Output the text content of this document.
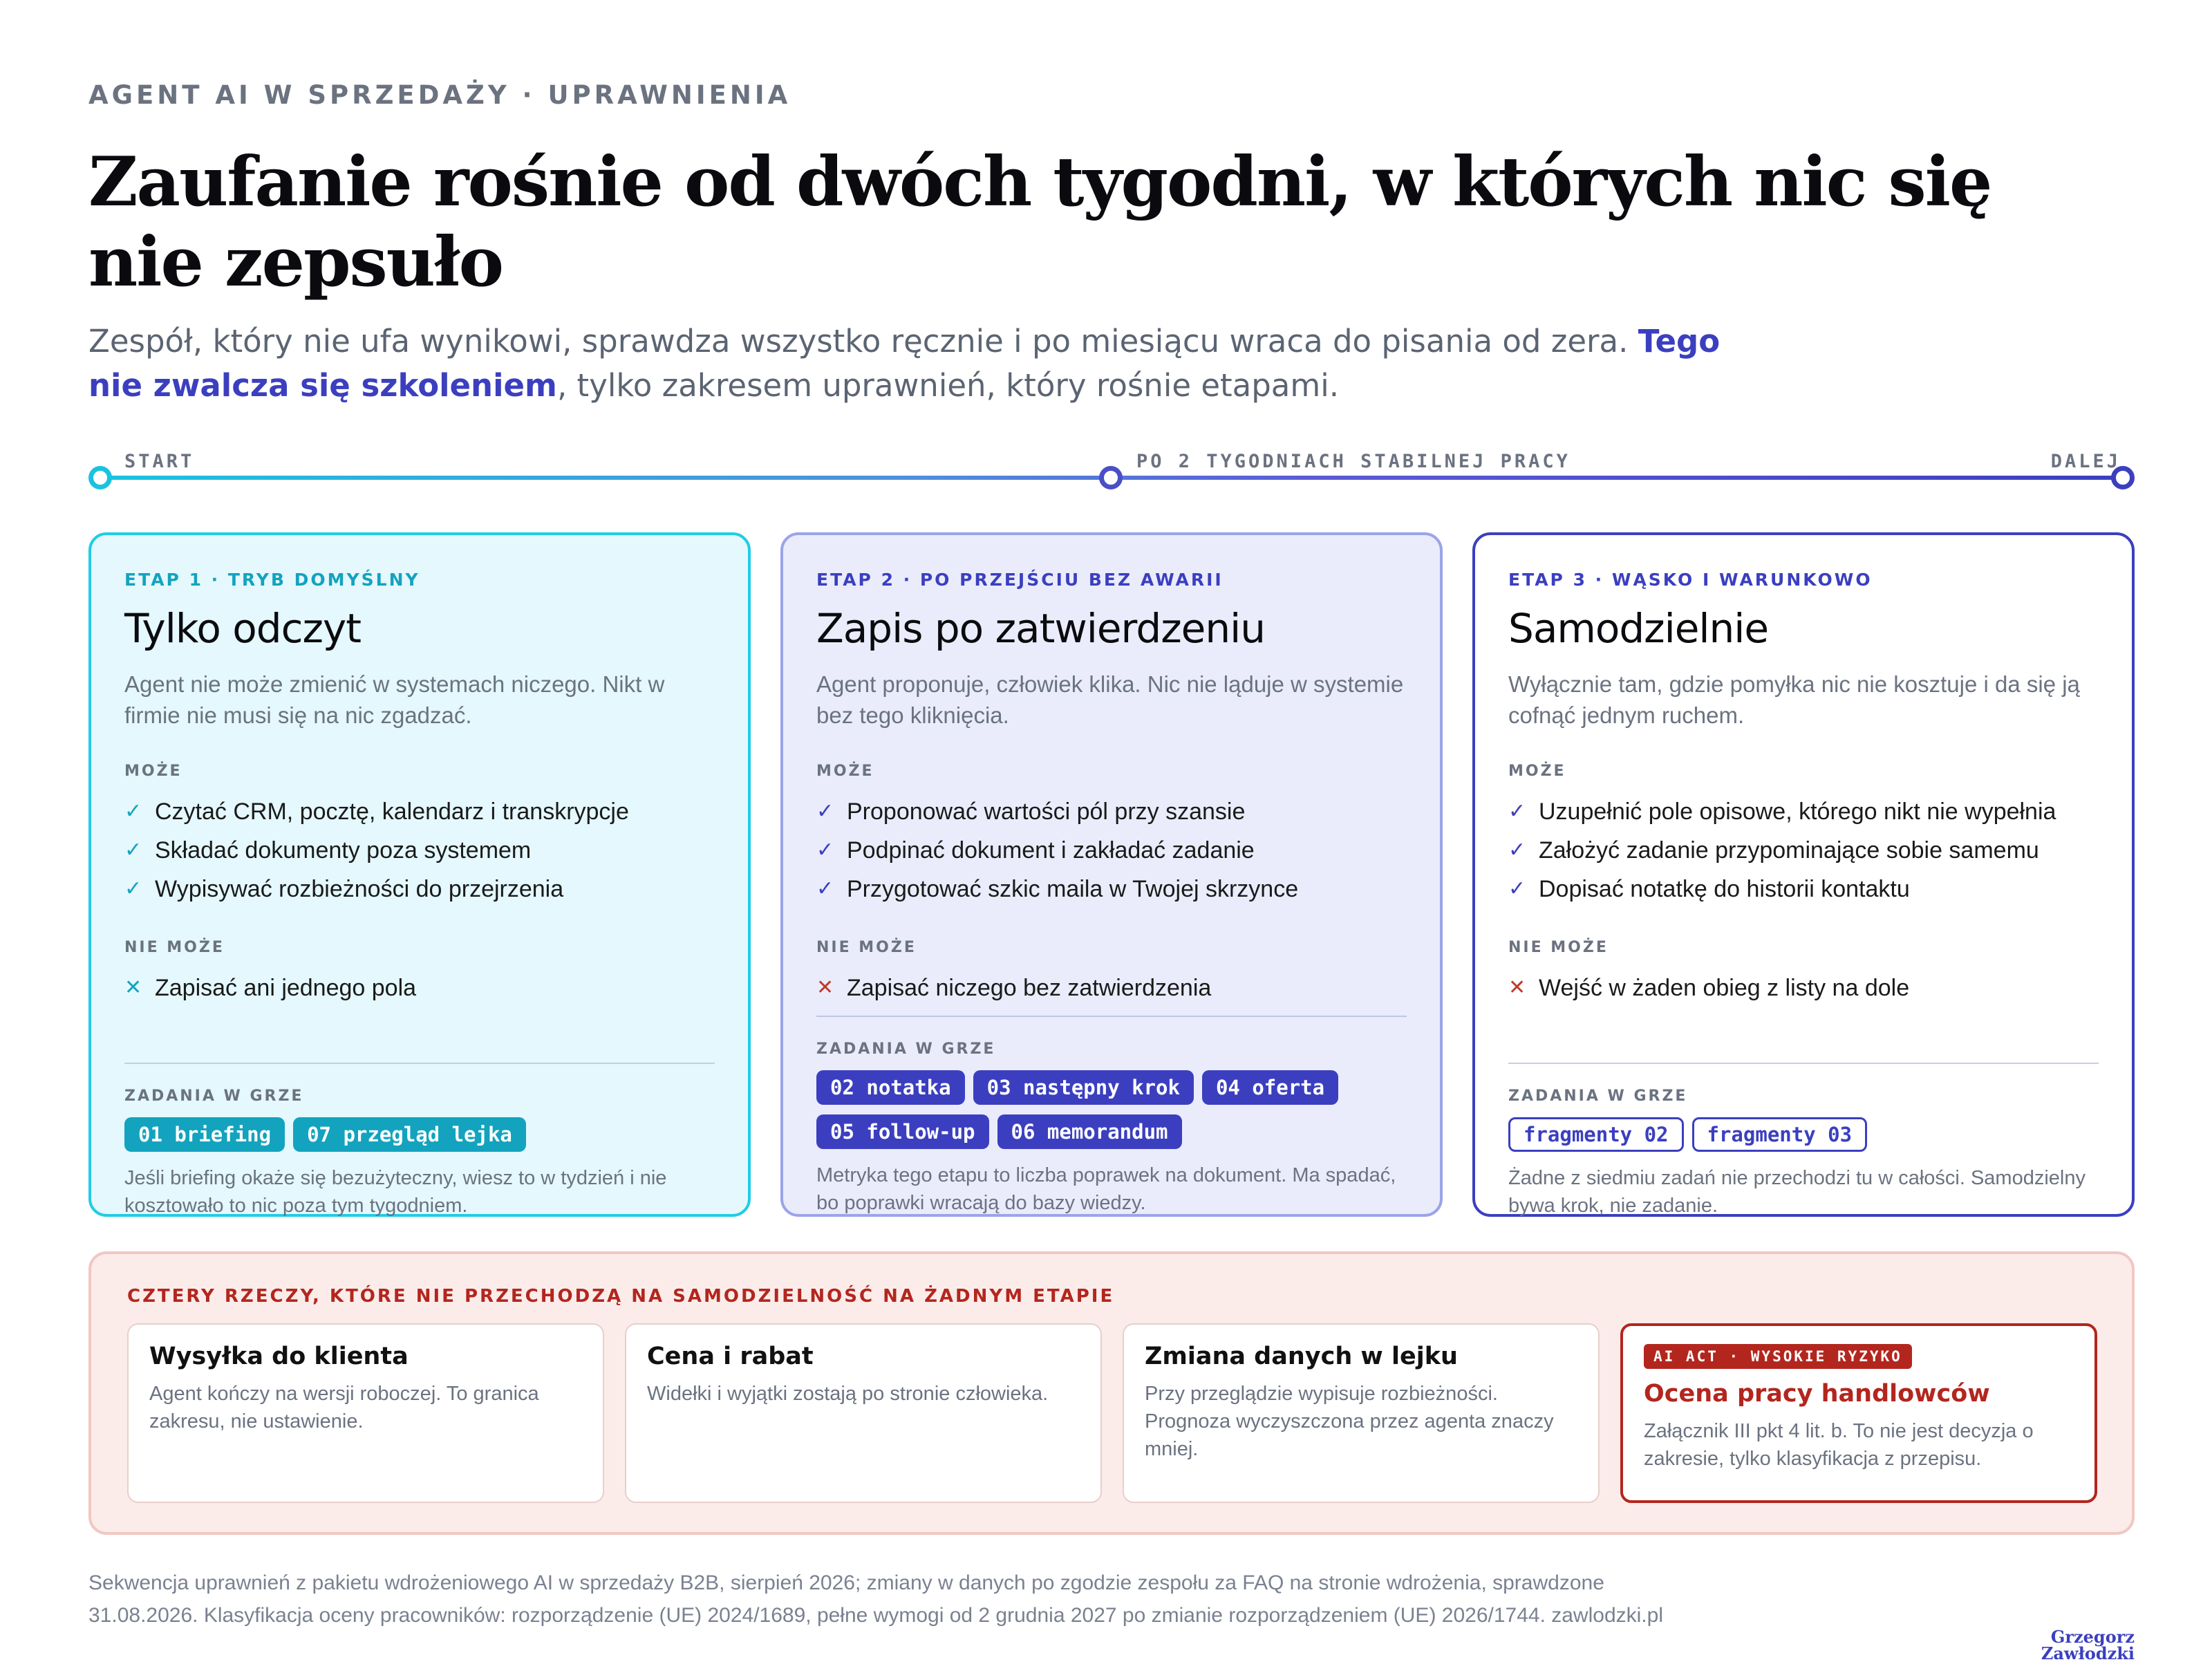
AGENT AI W SPRZEDAŻY · UPRAWNIENIA
Zaufanie rośnie od dwóch tygodni, w których nic się nie zepsuło

Zespół, który nie ufa wynikowi, sprawdza wszystko ręcznie i po miesiącu wraca do pisania od zera. Tego nie zwalcza się szkoleniem, tylko zakresem uprawnień, który rośnie etapami.

START	PO 2 TYGODNIACH STABILNEJ PRACY	DALEJ
ETAP 1 · TRYB DOMYŚLNY
Tylko odczyt
Agent nie może zmienić w systemach niczego. Nikt w firmie nie musi się na nic zgadzać.
MOŻE
✓ Czytać CRM, pocztę, kalendarz i transkrypcje
✓ Składać dokumenty poza systemem
✓ Wypisywać rozbieżności do przejrzenia
NIE MOŻE
✕ Zapisać ani jednego pola
ZADANIA W GRZE
01 briefing	07 przegląd lejka
Jeśli briefing okaże się bezużyteczny, wiesz to w tydzień i nie kosztowało to nic poza tym tygodniem.
ETAP 2 · PO PRZEJŚCIU BEZ AWARII
Zapis po zatwierdzeniu
Agent proponuje, człowiek klika. Nic nie ląduje w systemie bez tego kliknięcia.
MOŻE
✓ Proponować wartości pól przy szansie
✓ Podpinać dokument i zakładać zadanie
✓ Przygotować szkic maila w Twojej skrzynce
NIE MOŻE
✕ Zapisać niczego bez zatwierdzenia
ZADANIA W GRZE
02 notatka	03 następny krok	04 oferta
05 follow-up	06 memorandum
Metryka tego etapu to liczba poprawek na dokument. Ma spadać, bo poprawki wracają do bazy wiedzy.
ETAP 3 · WĄSKO I WARUNKOWO
Samodzielnie
Wyłącznie tam, gdzie pomyłka nic nie kosztuje i da się ją cofnąć jednym ruchem.
MOŻE
✓ Uzupełnić pole opisowe, którego nikt nie wypełnia
✓ Założyć zadanie przypominające sobie samemu
✓ Dopisać notatkę do historii kontaktu
NIE MOŻE
✕ Wejść w żaden obieg z listy na dole
ZADANIA W GRZE
fragmenty 02	fragmenty 03
Żadne z siedmiu zadań nie przechodzi tu w całości. Samodzielny bywa krok, nie zadanie.
CZTERY RZECZY, KTÓRE NIE PRZECHODZĄ NA SAMODZIELNOŚĆ NA ŻADNYM ETAPIE
Wysyłka do klienta

Agent kończy na wersji roboczej. To granica zakresu, nie ustawienie.

Cena i rabat

Widełki i wyjątki zostają po stronie człowieka.

Zmiana danych w lejku

Przy przeglądzie wypisuje rozbieżności. Prognoza wyczyszczona przez agenta znaczy mniej.

AI ACT · WYSOKIE RYZYKO
Ocena pracy handlowców

Załącznik III pkt 4 lit. b. To nie jest decyzja o zakresie, tylko klasyfikacja z przepisu.

Sekwencja uprawnień z pakietu wdrożeniowego AI w sprzedaży B2B, sierpień 2026; zmiany w danych po zgodzie zespołu za FAQ na stronie wdrożenia, sprawdzone 31.08.2026. Klasyfikacja oceny pracowników: rozporządzenie (UE) 2024/1689, pełne wymogi od 2 grudnia 2027 po zmianie rozporządzeniem (UE) 2026/1744. zawlodzki.pl
Grzegorz
Zawłodzki
